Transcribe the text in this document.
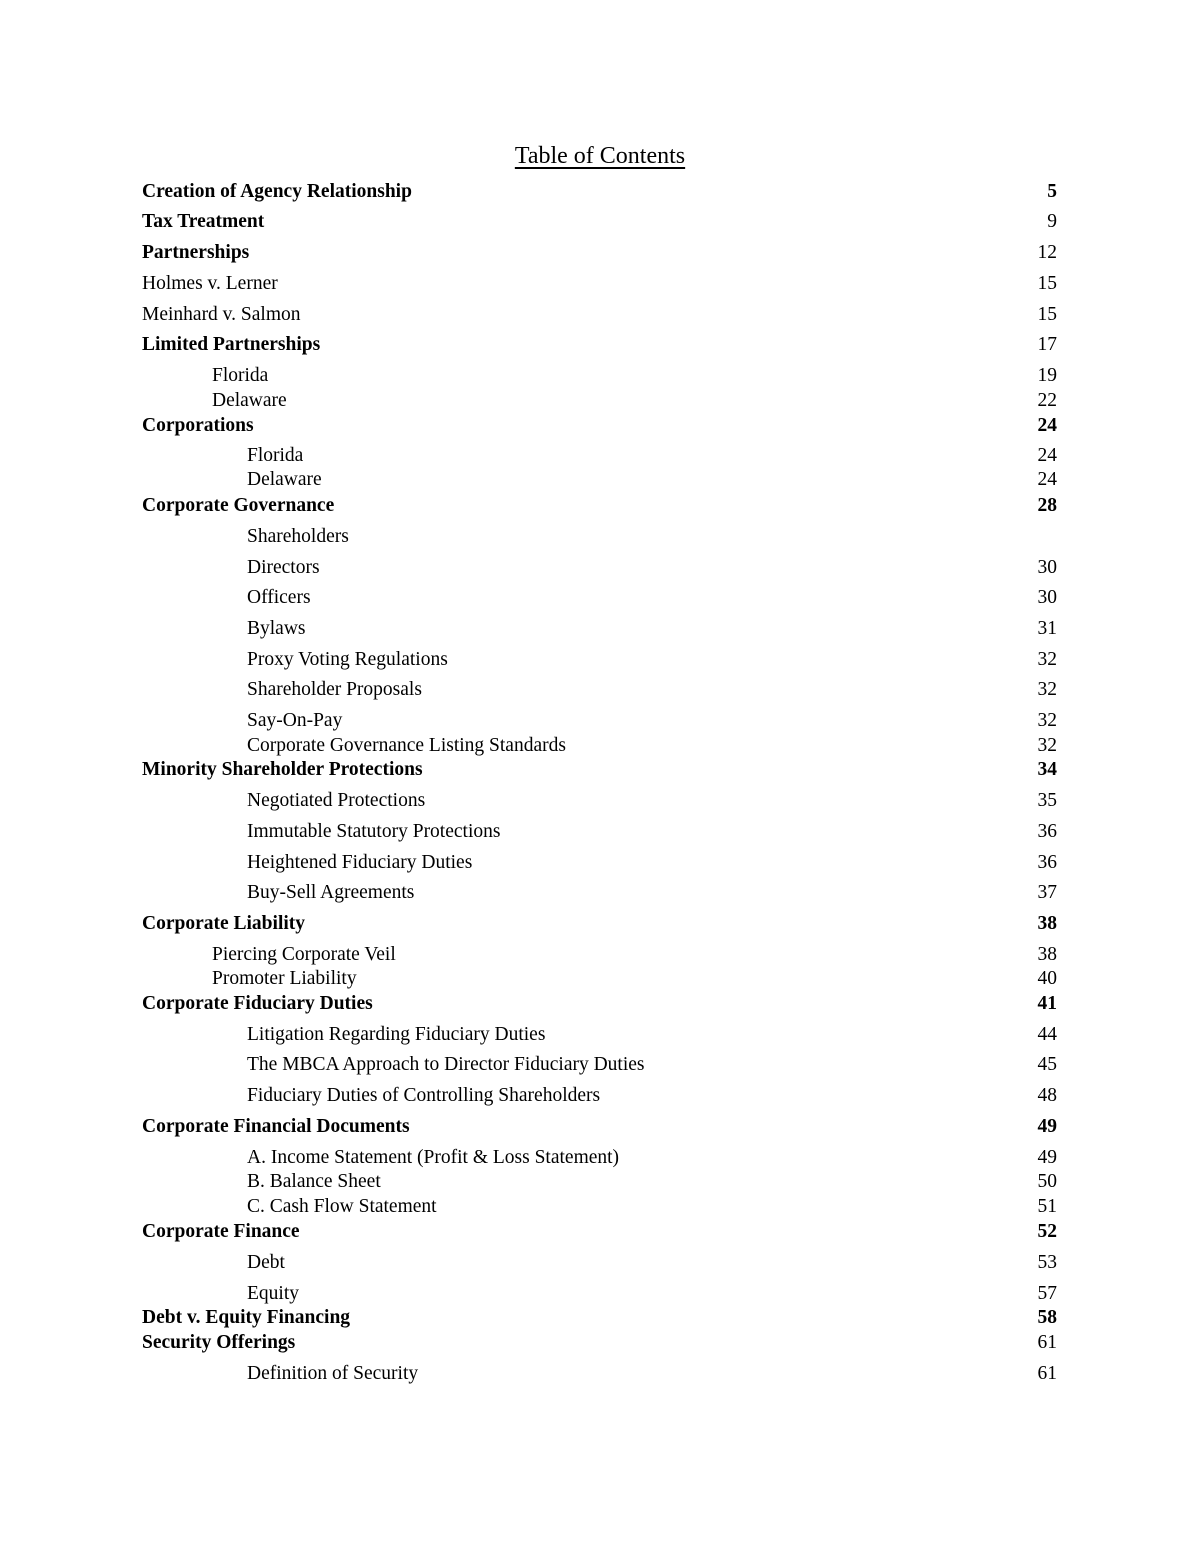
Table of Contents
Creation of Agency Relationship	5
Tax Treatment	9
Partnerships	12
Holmes v. Lerner	15
Meinhard v. Salmon	15
Limited Partnerships	17
Florida	19
Delaware	22
Corporations	24
Florida	24
Delaware	24
Corporate Governance	28
Shareholders
Directors	30
Officers	30
Bylaws	31
Proxy Voting Regulations	32
Shareholder Proposals	32
Say-On-Pay	32
Corporate Governance Listing Standards	32
Minority Shareholder Protections	34
Negotiated Protections	35
Immutable Statutory Protections	36
Heightened Fiduciary Duties	36
Buy-Sell Agreements	37
Corporate Liability	38
Piercing Corporate Veil	38
Promoter Liability	40
Corporate Fiduciary Duties	41
Litigation Regarding Fiduciary Duties	44
The MBCA Approach to Director Fiduciary Duties	45
Fiduciary Duties of Controlling Shareholders	48
Corporate Financial Documents	49
A. Income Statement (Profit & Loss Statement)	49
B. Balance Sheet	50
C. Cash Flow Statement	51
Corporate Finance	52
Debt	53
Equity	57
Debt v. Equity Financing	58
Security Offerings	61
Definition of Security	61
